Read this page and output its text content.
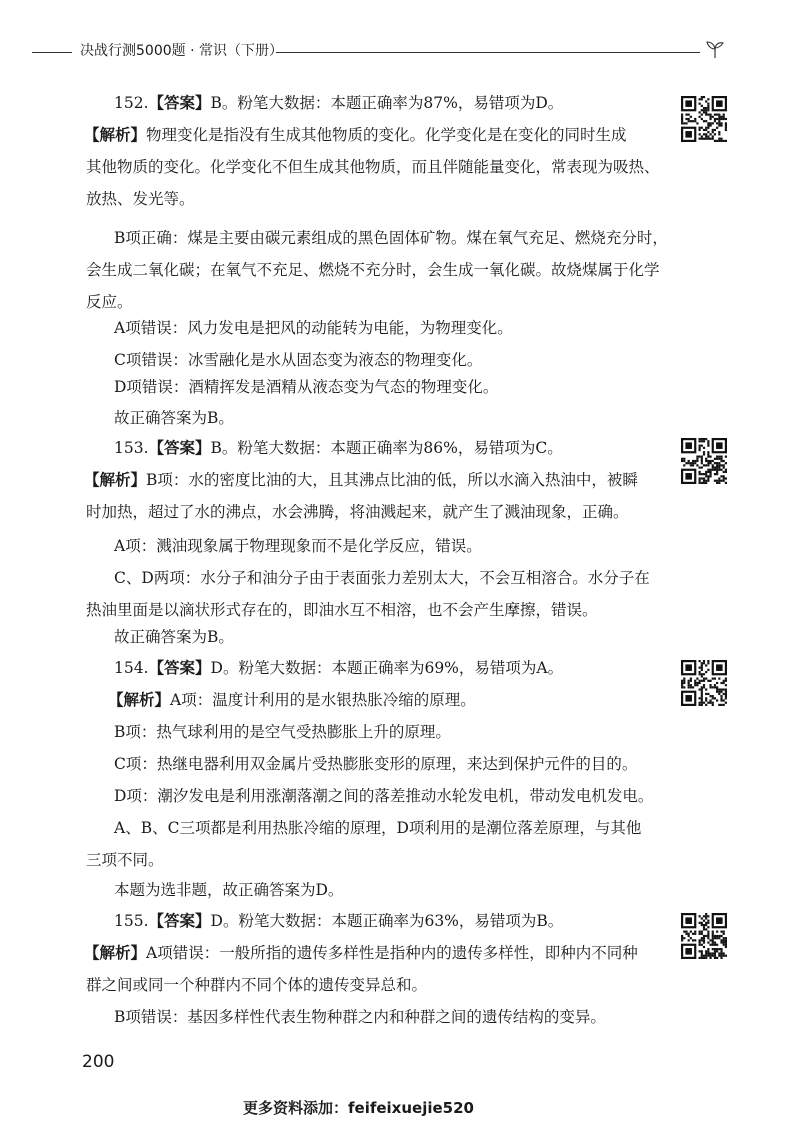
决战行测5000题 · 常识（下册）

152.【答案】B。粉笔大数据：本题正确率为87%，易错项为D。

【解析】物理变化是指没有生成其他物质的变化。化学变化是在变化的同时生成

其他物质的变化。化学变化不但生成其他物质，而且伴随能量变化，常表现为吸热、

放热、发光等。

B项正确：煤是主要由碳元素组成的黑色固体矿物。煤在氧气充足、燃烧充分时，

会生成二氧化碳；在氧气不充足、燃烧不充分时，会生成一氧化碳。故烧煤属于化学

反应。

A项错误：风力发电是把风的动能转为电能，为物理变化。

C项错误：冰雪融化是水从固态变为液态的物理变化。

D项错误：酒精挥发是酒精从液态变为气态的物理变化。

故正确答案为B。

153.【答案】B。粉笔大数据：本题正确率为86%，易错项为C。

【解析】B项：水的密度比油的大，且其沸点比油的低，所以水滴入热油中，被瞬

时加热，超过了水的沸点，水会沸腾，将油溅起来，就产生了溅油现象，正确。

A项：溅油现象属于物理现象而不是化学反应，错误。

C、D两项：水分子和油分子由于表面张力差别太大，不会互相溶合。水分子在

热油里面是以滴状形式存在的，即油水互不相溶，也不会产生摩擦，错误。

故正确答案为B。

154.【答案】D。粉笔大数据：本题正确率为69%，易错项为A。

【解析】A项：温度计利用的是水银热胀冷缩的原理。

B项：热气球利用的是空气受热膨胀上升的原理。

C项：热继电器利用双金属片受热膨胀变形的原理，来达到保护元件的目的。

D项：潮汐发电是利用涨潮落潮之间的落差推动水轮发电机，带动发电机发电。

A、B、C三项都是利用热胀冷缩的原理，D项利用的是潮位落差原理，与其他

三项不同。

本题为选非题，故正确答案为D。

155.【答案】D。粉笔大数据：本题正确率为63%，易错项为B。

【解析】A项错误：一般所指的遗传多样性是指种内的遗传多样性，即种内不同种

群之间或同一个种群内不同个体的遗传变异总和。

B项错误：基因多样性代表生物种群之内和种群之间的遗传结构的变异。

200
更多资料添加：feifeixuejie520
